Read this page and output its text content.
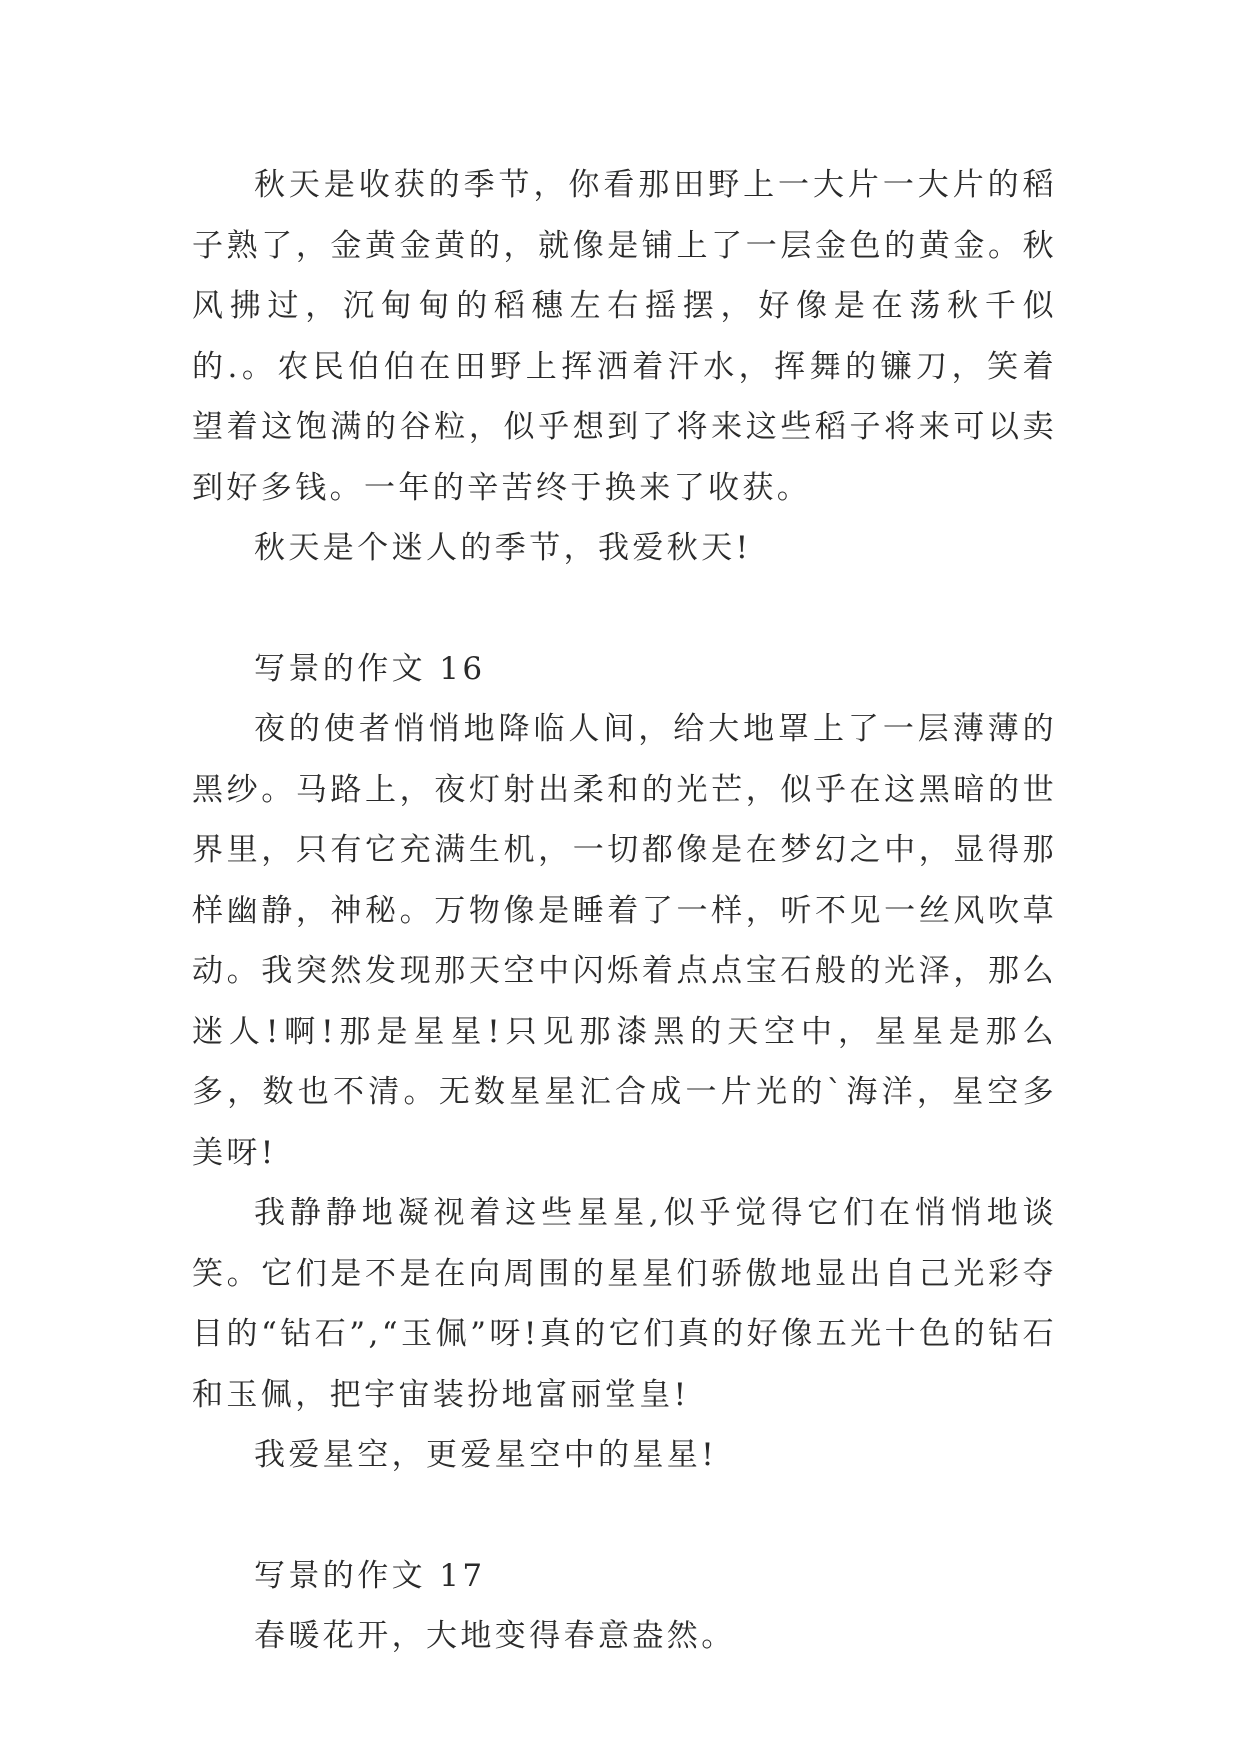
秋天是收获的季节，你看那田野上一大片一大片的稻子熟了，金黄金黄的，就像是铺上了一层金色的黄金。秋风拂过，沉甸甸的稻穗左右摇摆，好像是在荡秋千似的.。农民伯伯在田野上挥洒着汗水，挥舞的镰刀，笑着望着这饱满的谷粒，似乎想到了将来这些稻子将来可以卖到好多钱。一年的辛苦终于换来了收获。

秋天是个迷人的季节，我爱秋天!

写景的作文 16

夜的使者悄悄地降临人间，给大地罩上了一层薄薄的黑纱。马路上，夜灯射出柔和的光芒，似乎在这黑暗的世界里，只有它充满生机，一切都像是在梦幻之中，显得那样幽静，神秘。万物像是睡着了一样，听不见一丝风吹草动。我突然发现那天空中闪烁着点点宝石般的光泽，那么迷人!啊!那是星星!只见那漆黑的天空中，星星是那么多，数也不清。无数星星汇合成一片光的`海洋，星空多美呀!

我静静地凝视着这些星星,似乎觉得它们在悄悄地谈笑。它们是不是在向周围的星星们骄傲地显出自己光彩夺目的“钻石”,“玉佩”呀!真的它们真的好像五光十色的钻石和玉佩，把宇宙装扮地富丽堂皇!

我爱星空，更爱星空中的星星!

写景的作文 17

春暖花开，大地变得春意盎然。
